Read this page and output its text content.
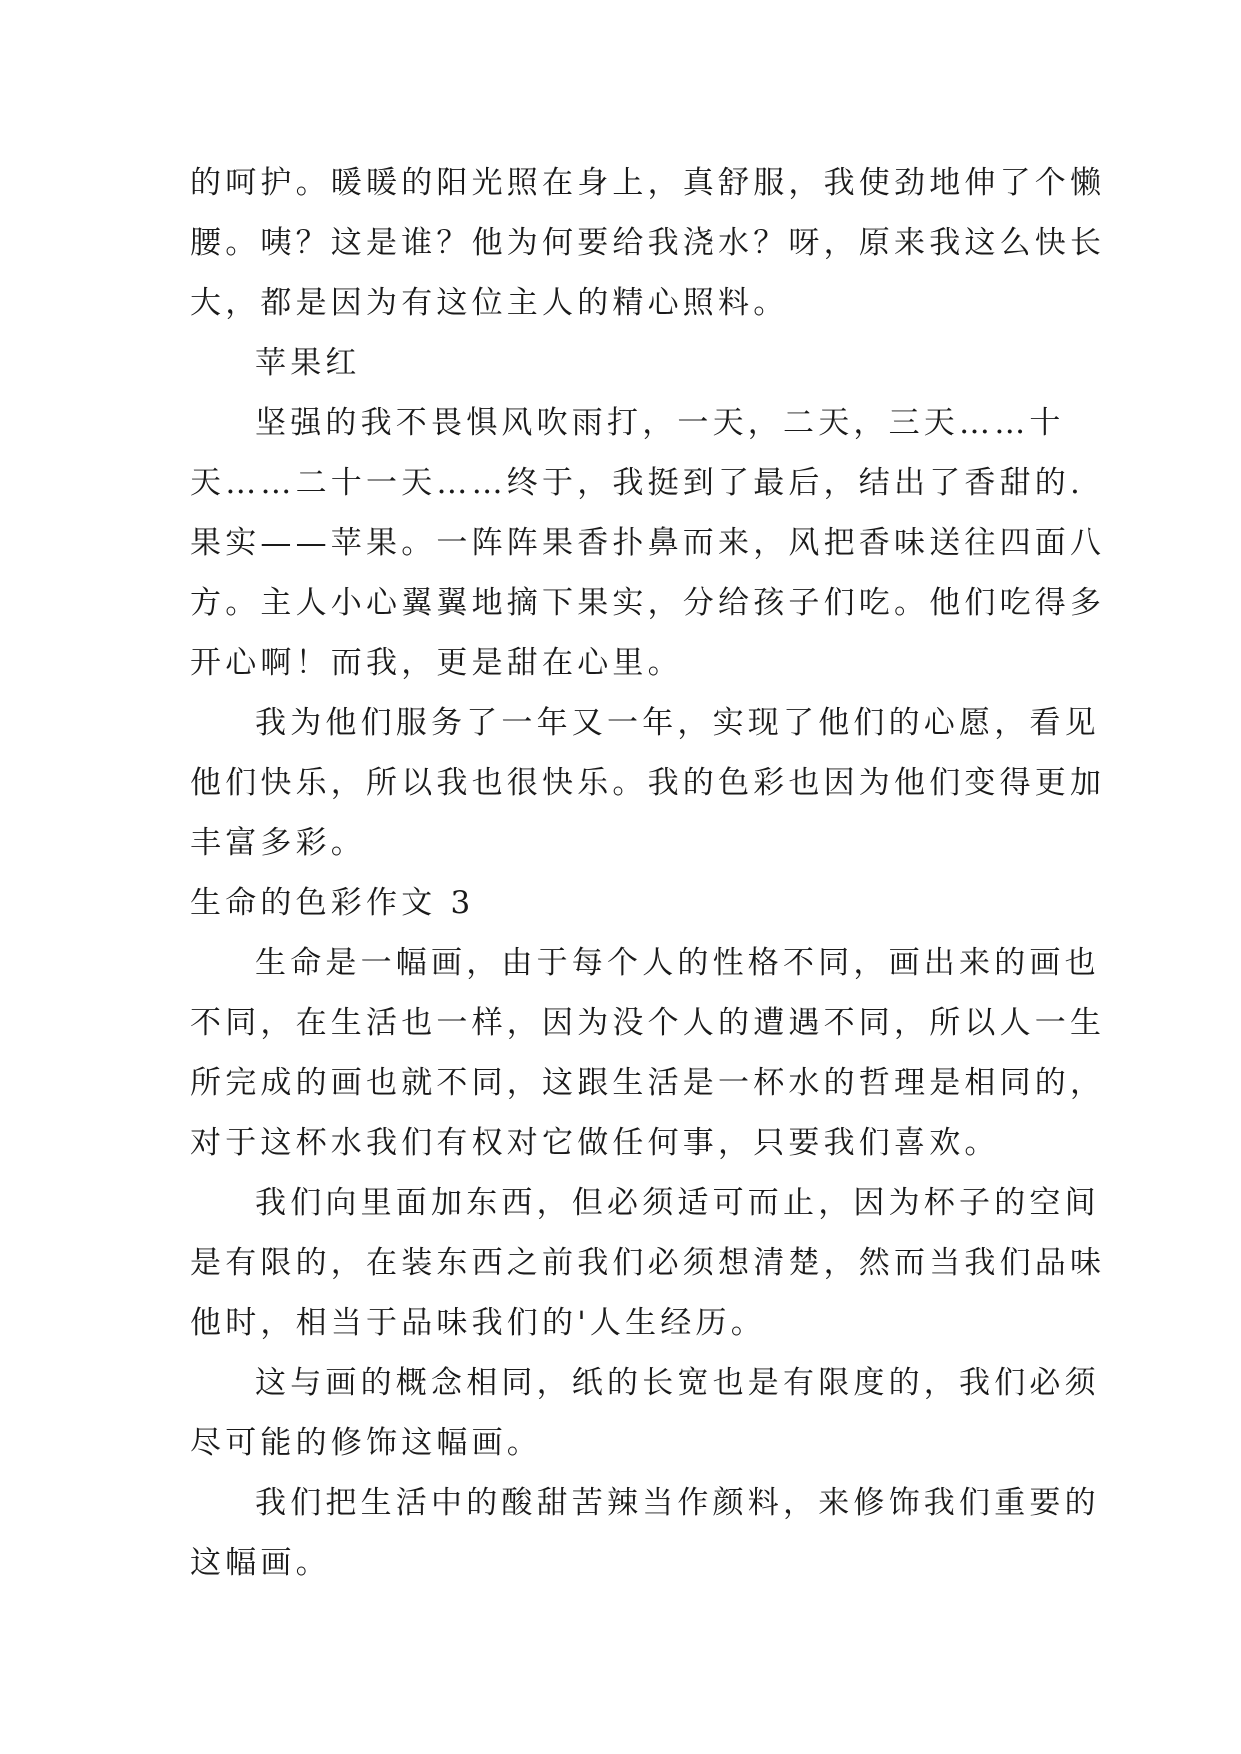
的呵护。暖暖的阳光照在身上，真舒服，我使劲地伸了个懒
腰。咦？这是谁？他为何要给我浇水？呀，原来我这么快长
大，都是因为有这位主人的精心照料。
苹果红
坚强的我不畏惧风吹雨打，一天，二天，三天……十
天……二十一天……终于，我挺到了最后，结出了香甜的.
果实——苹果。一阵阵果香扑鼻而来，风把香味送往四面八
方。主人小心翼翼地摘下果实，分给孩子们吃。他们吃得多
开心啊！而我，更是甜在心里。
我为他们服务了一年又一年，实现了他们的心愿，看见
他们快乐，所以我也很快乐。我的色彩也因为他们变得更加
丰富多彩。
生命的色彩作文 3
生命是一幅画，由于每个人的性格不同，画出来的画也
不同，在生活也一样，因为没个人的遭遇不同，所以人一生
所完成的画也就不同，这跟生活是一杯水的哲理是相同的，
对于这杯水我们有权对它做任何事，只要我们喜欢。
我们向里面加东西，但必须适可而止，因为杯子的空间
是有限的，在装东西之前我们必须想清楚，然而当我们品味
他时，相当于品味我们的'人生经历。
这与画的概念相同，纸的长宽也是有限度的，我们必须
尽可能的修饰这幅画。
我们把生活中的酸甜苦辣当作颜料，来修饰我们重要的
这幅画。
